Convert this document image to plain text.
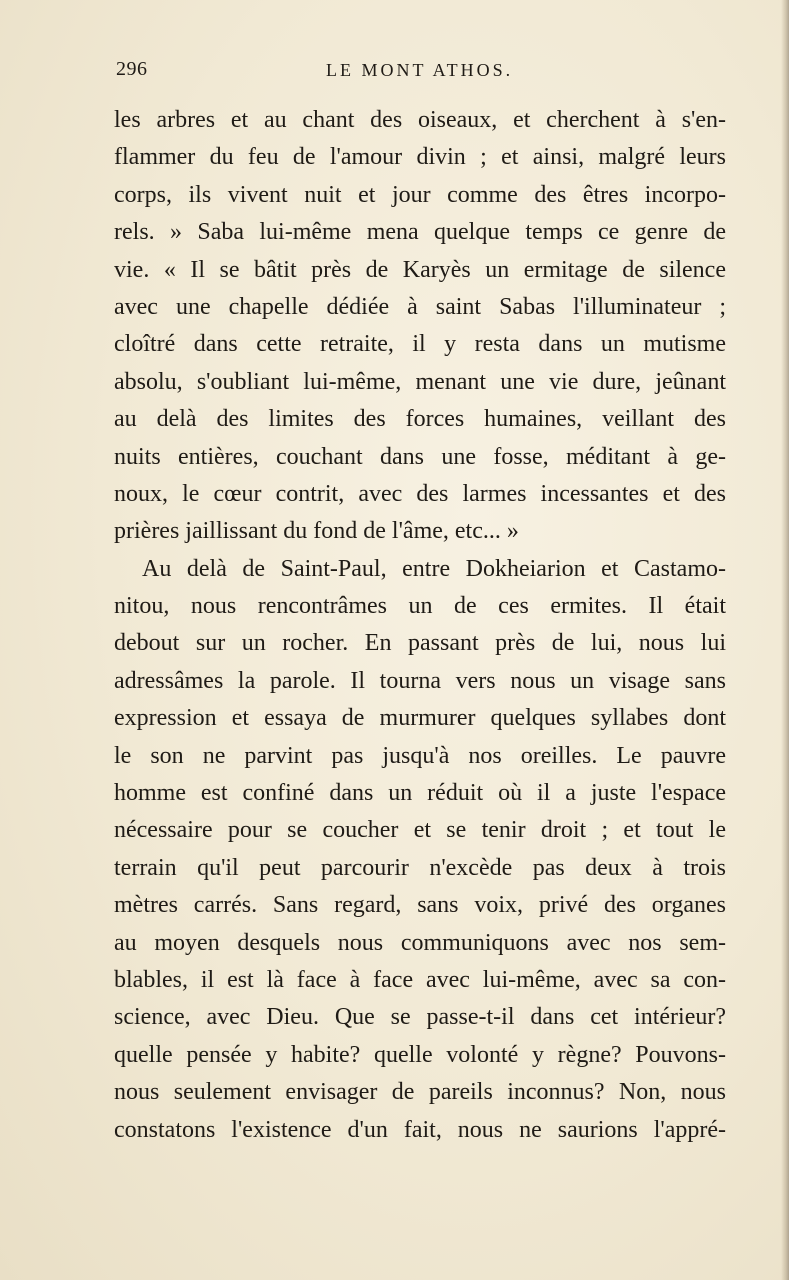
296	LE MONT ATHOS.
les arbres et au chant des oiseaux, et cherchent à s'en-
flammer du feu de l'amour divin ; et ainsi, malgré leurs
corps, ils vivent nuit et jour comme des êtres incorpo-
rels. » Saba lui-même mena quelque temps ce genre de
vie. « Il se bâtit près de Karyès un ermitage de silence
avec une chapelle dédiée à saint Sabas l'illuminateur ;
cloîtré dans cette retraite, il y resta dans un mutisme
absolu, s'oubliant lui-même, menant une vie dure, jeûnant
au delà des limites des forces humaines, veillant des
nuits entières, couchant dans une fosse, méditant à ge-
noux, le cœur contrit, avec des larmes incessantes et des
prières jaillissant du fond de l'âme, etc... »
Au delà de Saint-Paul, entre Dokheiarion et Castamo-
nitou, nous rencontrâmes un de ces ermites. Il était
debout sur un rocher. En passant près de lui, nous lui
adressâmes la parole. Il tourna vers nous un visage sans
expression et essaya de murmurer quelques syllabes dont
le son ne parvint pas jusqu'à nos oreilles. Le pauvre
homme est confiné dans un réduit où il a juste l'espace
nécessaire pour se coucher et se tenir droit ; et tout le
terrain qu'il peut parcourir n'excède pas deux à trois
mètres carrés. Sans regard, sans voix, privé des organes
au moyen desquels nous communiquons avec nos sem-
blables, il est là face à face avec lui-même, avec sa con-
science, avec Dieu. Que se passe-t-il dans cet intérieur?
quelle pensée y habite? quelle volonté y règne? Pouvons-
nous seulement envisager de pareils inconnus? Non, nous
constatons l'existence d'un fait, nous ne saurions l'appré-
